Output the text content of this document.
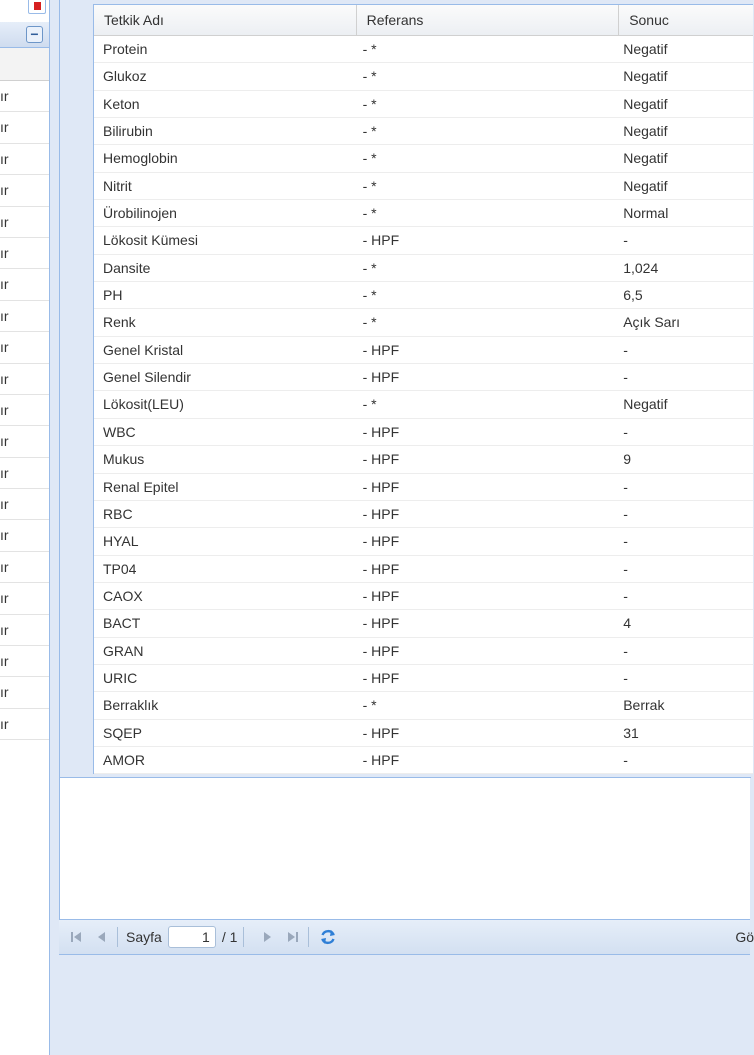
−
ır
ır
ır
ır
ır
ır
ır
ır
ır
ır
ır
ır
ır
ır
ır
ır
ır
ır
ır
ır
ır
Tetkik Adı	Referans	Sonuc
Protein	- *	Negatif
Glukoz	- *	Negatif
Keton	- *	Negatif
Bilirubin	- *	Negatif
Hemoglobin	- *	Negatif
Nitrit	- *	Negatif
Ürobilinojen	- *	Normal
Lökosit Kümesi	- HPF	-
Dansite	- *	1,024
PH	- *	6,5
Renk	- *	Açık Sarı
Genel Kristal	- HPF	-
Genel Silendir	- HPF	-
Lökosit(LEU)	- *	Negatif
WBC	- HPF	-
Mukus	- HPF	9
Renal Epitel	- HPF	-
RBC	- HPF	-
HYAL	- HPF	-
TP04	- HPF	-
CAOX	- HPF	-
BACT	- HPF	4
GRAN	- HPF	-
URIC	- HPF	-
Berraklık	- *	Berrak
SQEP	- HPF	31
AMOR	- HPF	-
Sayfa
1	/ 1	Gö
